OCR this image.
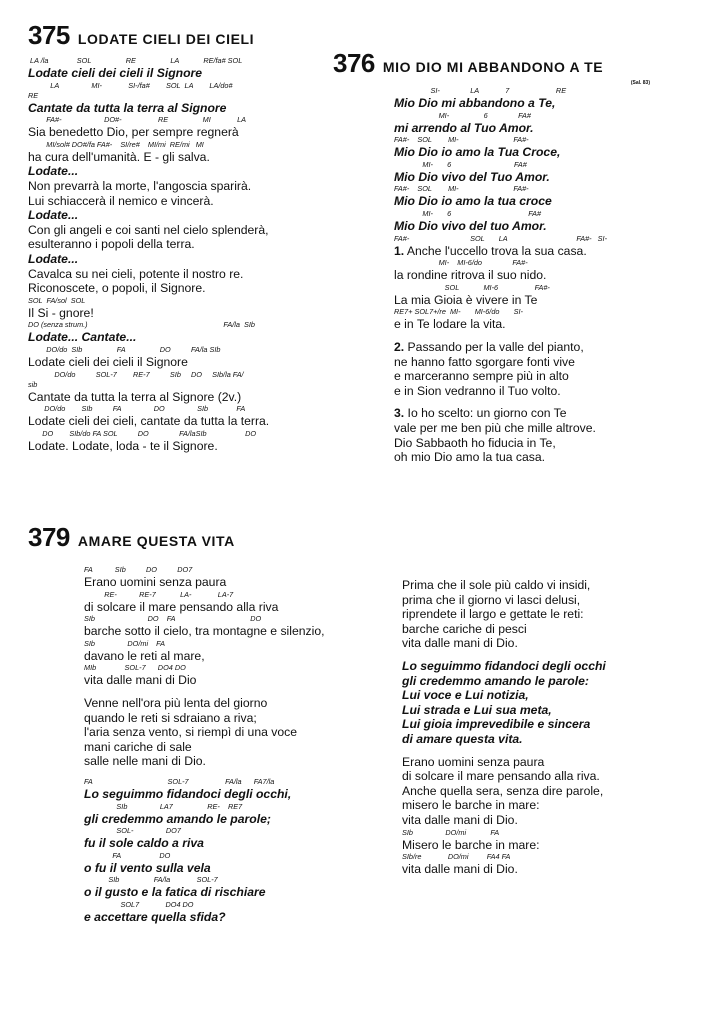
375 LODATE CIELI DEI CIELI
LA /la              SOL                 RE                 LA            RE/fa# SOL
Lodate cieli dei cieli il Signore
LA                MI-             SI-/fa#        SOL  LA        LA/do#
RE
Cantate da tutta la terra al Signore
FA#-                     DO#-                  RE                 MI             LA
Sia benedetto Dio, per sempre regnerà
MI/sol# DO#/fa FA#-    SI/re#    MI/mi  RE/mi   MI
ha cura dell'umanità. E - gli salva.
Lodate...
Non prevarrà la morte, l'angoscia sparirà.
Lui schiaccerà il nemico e vincerà.
Lodate...
Con gli angeli e coi santi nel cielo splenderà,
esulteranno i popoli della terra.
Lodate...
Cavalca su nei cieli, potente il nostro re.
Riconoscete, o popoli, il Signore.
SOL  FA/sol  SOL
Il Si - gnore!
DO (senza strum.)                                                                   FA/la  SIb
Lodate... Cantate...
DO/do  SIb                 FA                 DO          FA/la SIb
Lodate cieli dei cieli il Signore
DO/do          SOL-7        RE-7          SIb     DO     SIb/la FA/
sib
Cantate da tutta la terra al Signore (2v.)
DO/do        SIb          FA                DO                SIb              FA
Lodate cieli dei cieli, cantate da tutta la terra.
DO        SIb/do FA SOL          DO               FA/laSIb                   DO
Lodate. Lodate, loda - te il Signore.
376 MIO DIO MI ABBANDONO A TE
(Sal. 83)
SI-               LA             7                       RE
Mio Dio mi abbandono a Te,
MI-                 6               FA#
mi arrendo al Tuo Amor.
FA#-    SOL        MI-                           FA#-
Mio Dio io amo la Tua Croce,
MI-       6                               FA#
Mio Dio vivo del Tuo Amor.
FA#-    SOL        MI-                           FA#-
Mio Dio io amo la tua croce
MI-       6                                      FA#
Mio Dio vivo del tuo Amor.
FA#-                              SOL       LA                                  FA#-   SI-
1. Anche l'uccello trova la sua casa.
MI-    MI-6/do               FA#-
la rondine ritrova il suo nido.
SOL            MI-6                  FA#-
La mia Gioia è vivere in Te
RE7+ SOL7+/re  MI-       MI-6/do       SI-
e in Te lodare la vita.
2. Passando per la valle del pianto,
ne hanno fatto sgorgare fonti vive
e marceranno sempre più in alto
e in Sion vedranno il Tuo volto.
3. Io ho scelto: un giorno con Te
vale per me ben più che mille altrove.
Dio Sabbaoth ho fiducia in Te,
oh mio Dio amo la tua casa.
379 AMARE QUESTA VITA
FA           SIb          DO          DO7
Erano uomini senza paura
RE-           RE-7            LA-             LA-7
di solcare il mare pensando alla riva
SIb                          DO    FA                                     DO
barche sotto il cielo, tra montagne e silenzio,
SIb                DO/mi    FA
davano le reti al mare,
MIb              SOL-7      DO4 DO
vita dalle mani di Dio
Venne nell'ora più lenta del giorno
quando le reti si sdraiano a riva;
l'aria senza vento, si riempì di una voce
mani cariche di sale
salle nelle mani di Dio.
FA                                     SOL-7                  FA/la      FA7/la
Lo seguimmo fidandoci degli occhi,
SIb                LA7                 RE-    RE7
gli credemmo amando le parole;
SOL-                DO7
fu il sole caldo a riva
FA                   DO
o fu il vento sulla vela
SIb                 FA/la             SOL-7
o il gusto e la fatica di rischiare
SOL7             DO4 DO
e accettare quella sfida?
Prima che il sole più caldo vi insidi,
prima che il giorno vi lasci delusi,
riprendete il largo e gettate le reti:
barche cariche di pesci
vita dalle mani di Dio.
Lo seguimmo fidandoci degli occhi
gli credemmo amando le parole:
Lui voce e Lui notizia,
Lui strada e Lui sua meta,
Lui gioia imprevedibile e sincera
di amare questa vita.
Erano uomini senza paura
di solcare il mare pensando alla riva.
Anche quella sera, senza dire parole,
misero le barche in mare:
vita dalle mani di Dio.
SIb                DO/mi            FA
Misero le barche in mare:
SIb/re             DO/mi         FA4 FA
vita dalle mani di Dio.
